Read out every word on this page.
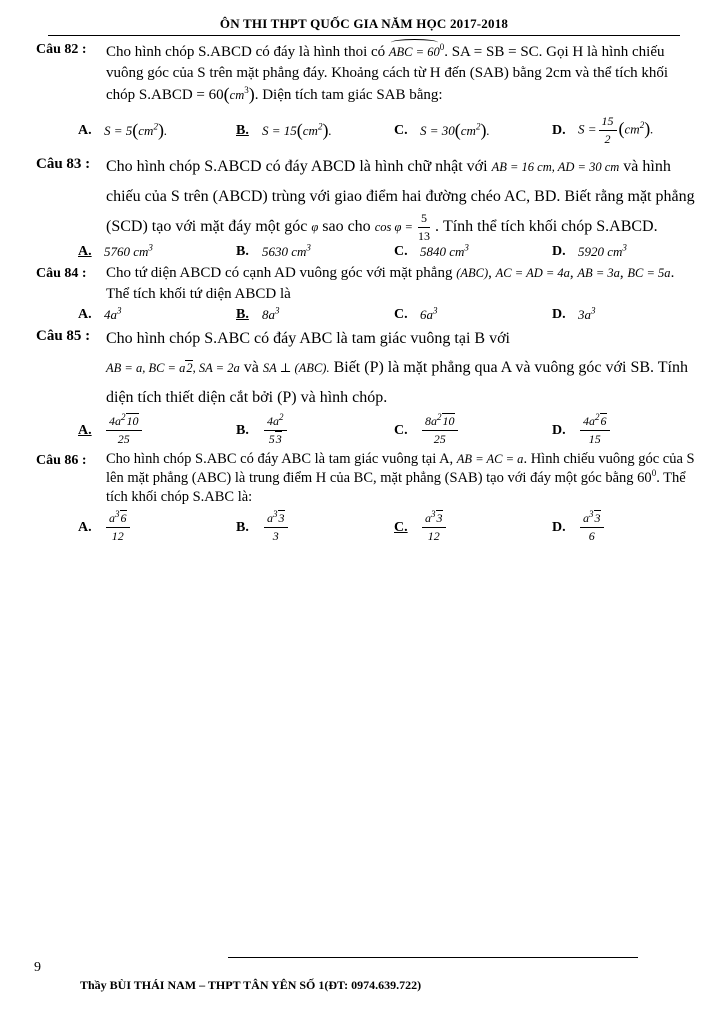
ÔN THI THPT QUỐC GIA NĂM HỌC 2017-2018
Câu 82 :	Cho hình chóp S.ABCD có đáy là hình thoi có ABC = $60^0$. SA = SB = SC. Gọi H là hình chiếu vuông góc của S trên mặt phẳng đáy. Khoảng cách từ H đến (SAB) bằng 2cm và thể tích khối chóp S.ABCD = $60(cm^3)$. Diện tích tam giác SAB bằng:
A. $S = 5(cm^2)$.	B.	$S = 15(cm^2)$.	C. $S = 30(cm^2)$.	D. $S = \frac{15}{2} (cm^2)$.
Câu 83 : Cho hình chóp S.ABCD có đáy ABCD là hình chữ nhật với AB = 16 cm, AD = 30 cm và hình chiếu của S trên (ABCD) trùng với giao điểm hai đường chéo AC, BD. Biết rằng mặt phẳng (SCD) tạo với mặt đáy một góc φ sao cho $\cos \varphi = \frac{5}{13}$ . Tính thể tích khối chóp S.ABCD.
A. 5760 $cm^3$	B.	5630 $cm^3$	C. 5840 $cm^3$	D. 5920 $cm^3$
Câu 84 :	Cho tứ diện ABCD có cạnh AD vuông góc với mặt phẳng (ABC), AC = AD = 4a, AB = 3a, BC = 5a. Thể tích khối tứ diện ABCD là
A. $4a^3$	B.	$8a^3$	C. $6a^3$	D. $3a^3$
Câu 85 : Cho hình chóp S.ABC có đáy ABC là tam giác vuông tại B với
AB = a, BC = a2, SA = 2a và SA ⊥ (ABC). Biết (P) là mặt phẳng qua A và vuông góc với SB. Tính diện tích thiết diện cắt bởi (P) và hình chóp.
A.	$\frac{4a^210}{25}$	B.	$\frac{4a^2}{53}$	C.	$\frac{8a^210}{25}$	D.	$\frac{4a^26}{15}$
Câu 86 :	Cho hình chóp S.ABC có đáy ABC là tam giác vuông tại A, AB = AC = a. Hình chiếu vuông góc của S lên mặt phẳng (ABC) là trung điểm H của BC, mặt phẳng (SAB) tạo với đáy một góc bằng $60^0$. Thể tích khối chóp S.ABC là:
A.	$\frac{a^36}{12}$	B.	$\frac{a^33}{3}$	C.	$\frac{a^33}{12}$	D.	$\frac{a^33}{6}$
9
Thầy BÙI THÁI NAM – THPT TÂN YÊN SỐ 1(ĐT: 0974.639.722)
